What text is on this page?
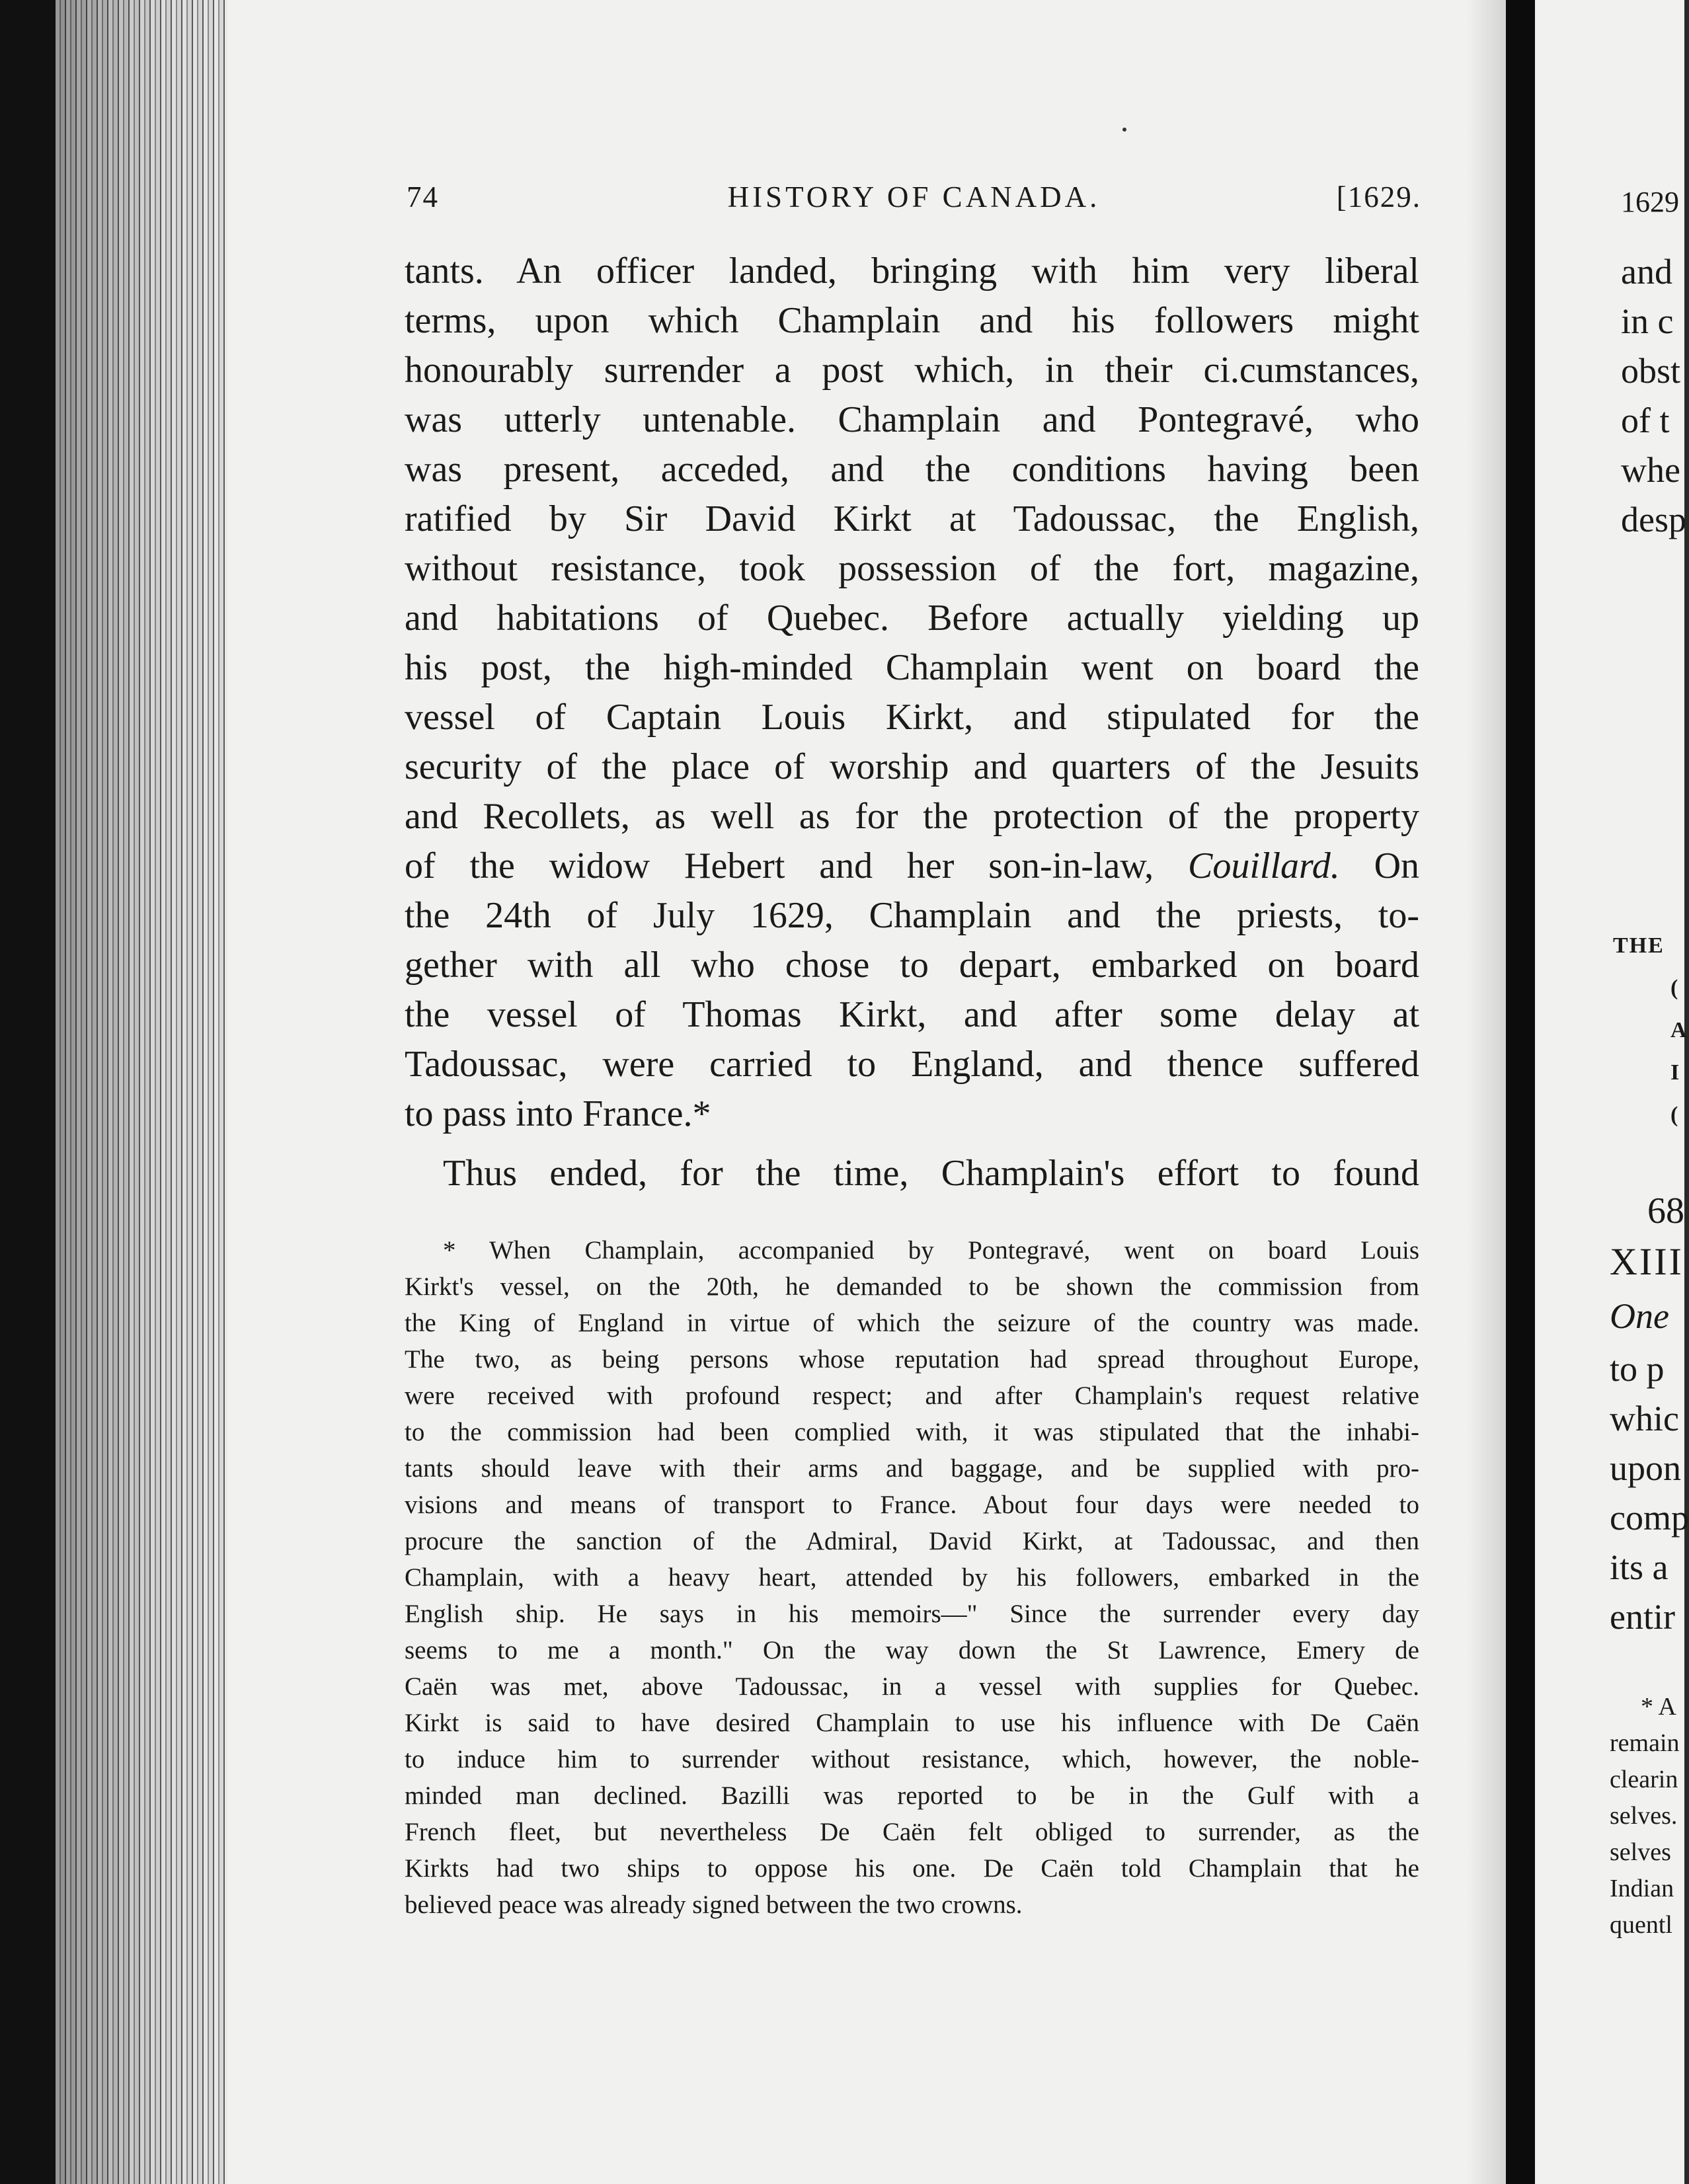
74	HISTORY OF CANADA.	[1629.
tants. An officer landed, bringing with him very liberal
terms, upon which Champlain and his followers might
honourably surrender a post which, in their ci.cumstances,
was utterly untenable. Champlain and Pontegravé, who
was present, acceded, and the conditions having been
ratified by Sir David Kirkt at Tadoussac, the English,
without resistance, took possession of the fort, magazine,
and habitations of Quebec. Before actually yielding up
his post, the high-minded Champlain went on board the
vessel of Captain Louis Kirkt, and stipulated for the
security of the place of worship and quarters of the Jesuits
and Recollets, as well as for the protection of the property
of the widow Hebert and her son-in-law, Couillard. On
the 24th of July 1629, Champlain and the priests, to-
gether with all who chose to depart, embarked on board
the vessel of Thomas Kirkt, and after some delay at
Tadoussac, were carried to England, and thence suffered
to pass into France.*
Thus ended, for the time, Champlain's effort to found
* When Champlain, accompanied by Pontegravé, went on board Louis
Kirkt's vessel, on the 20th, he demanded to be shown the commission from
the King of England in virtue of which the seizure of the country was made.
The two, as being persons whose reputation had spread throughout Europe,
were received with profound respect; and after Champlain's request relative
to the commission had been complied with, it was stipulated that the inhabi-
tants should leave with their arms and baggage, and be supplied with pro-
visions and means of transport to France. About four days were needed to
procure the sanction of the Admiral, David Kirkt, at Tadoussac, and then
Champlain, with a heavy heart, attended by his followers, embarked in the
English ship. He says in his memoirs—" Since the surrender every day
seems to me a month." On the way down the St Lawrence, Emery de
Caën was met, above Tadoussac, in a vessel with supplies for Quebec.
Kirkt is said to have desired Champlain to use his influence with De Caën
to induce him to surrender without resistance, which, however, the noble-
minded man declined. Bazilli was reported to be in the Gulf with a
French fleet, but nevertheless De Caën felt obliged to surrender, as the
Kirkts had two ships to oppose his one. De Caën told Champlain that he
believed peace was already signed between the two crowns.
1629
and
in c
obst
of t
whe
desp
THE
(
A
I
(
68
XIII
One
to p
whic
upon
comp
its a
entir
* A
remain
clearin
selves.
selves
Indian
quentl
